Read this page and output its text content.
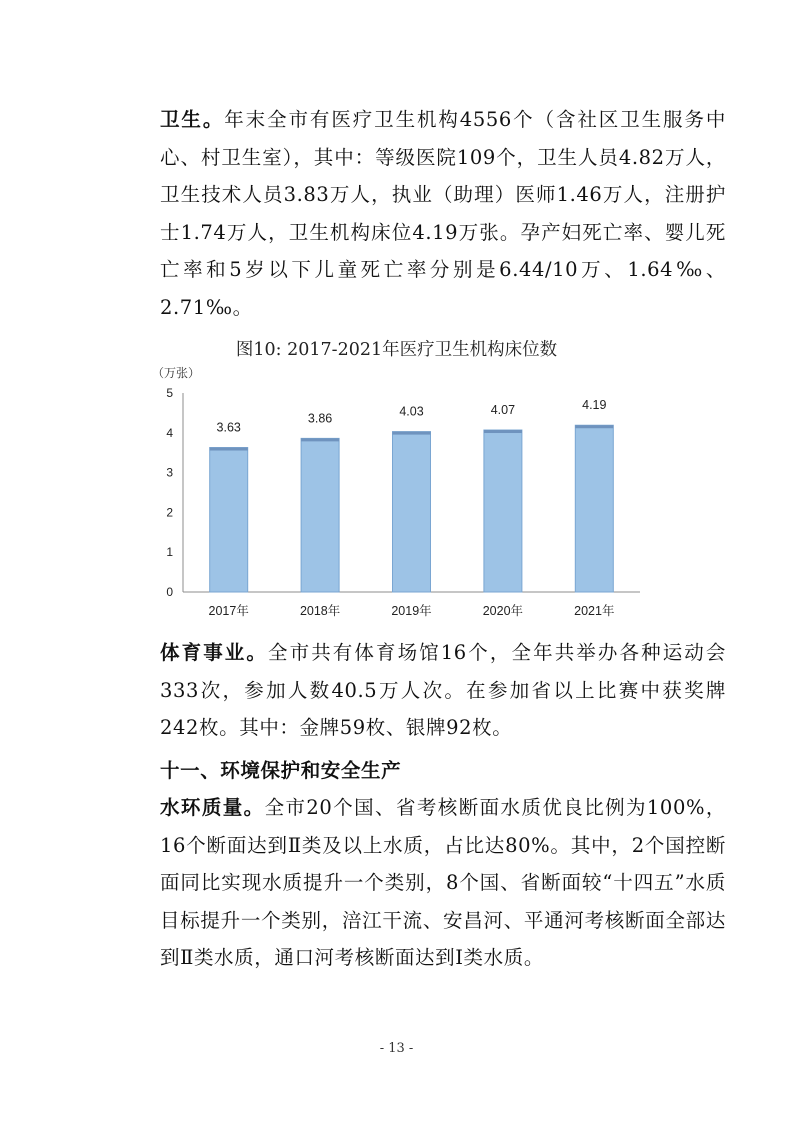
卫生。年末全市有医疗卫生机构4556个（含社区卫生服务中心、村卫生室），其中：等级医院109个，卫生人员4.82万人，卫生技术人员3.83万人，执业（助理）医师1.46万人，注册护士1.74万人，卫生机构床位4.19万张。孕产妇死亡率、婴儿死亡率和5岁以下儿童死亡率分别是6.44/10万、1.64‰、2.71‰。

图10: 2017-2021年医疗卫生机构床位数
（万张）
0
1
2
3
4
5
3.63
2017年
3.86
2018年
4.03
2019年
4.07
2020年
4.19
2021年

体育事业。全市共有体育场馆16个，全年共举办各种运动会333次，参加人数40.5万人次。在参加省以上比赛中获奖牌242枚。其中：金牌59枚、银牌92枚。

十一、环境保护和安全生产

水环质量。全市20个国、省考核断面水质优良比例为100%，16个断面达到Ⅱ类及以上水质，占比达80%。其中，2个国控断面同比实现水质提升一个类别，8个国、省断面较“十四五”水质目标提升一个类别，涪江干流、安昌河、平通河考核断面全部达到Ⅱ类水质，通口河考核断面达到Ⅰ类水质。

- 13 -
